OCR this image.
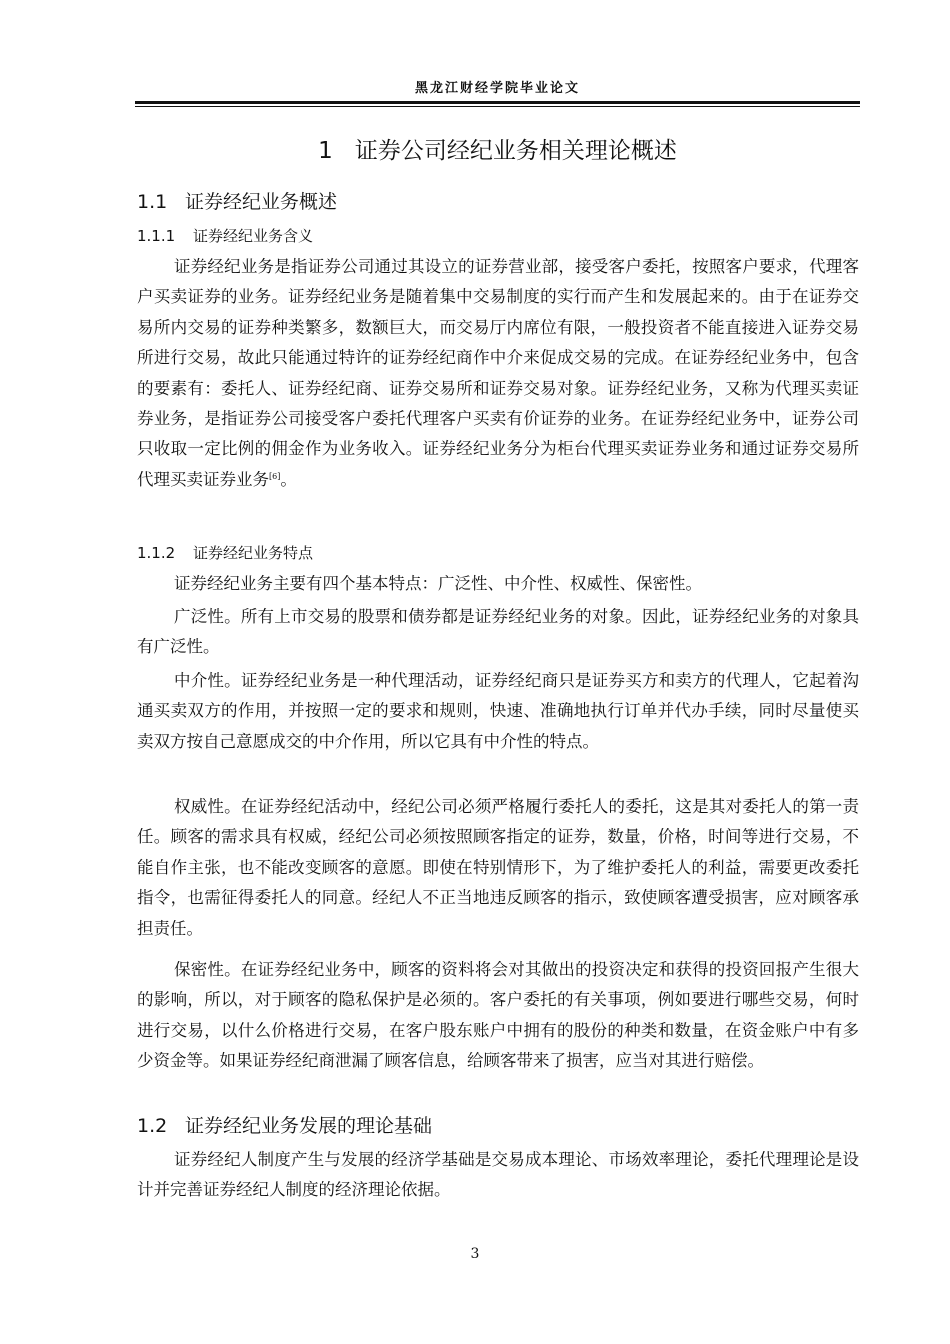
黑龙江财经学院毕业论文
1 证券公司经纪业务相关理论概述
1.1 证券经纪业务概述
1.1.1 证券经纪业务含义

证券经纪业务是指证券公司通过其设立的证券营业部，接受客户委托，按照客户要求，代理客户买卖证券的业务。证券经纪业务是随着集中交易制度的实行而产生和发展起来的。由于在证券交易所内交易的证券种类繁多，数额巨大，而交易厅内席位有限，一般投资者不能直接进入证券交易所进行交易，故此只能通过特许的证券经纪商作中介来促成交易的完成。在证券经纪业务中，包含的要素有：委托人、证券经纪商、证券交易所和证券交易对象。证券经纪业务，又称为代理买卖证券业务，是指证券公司接受客户委托代理客户买卖有价证券的业务。在证券经纪业务中，证券公司只收取一定比例的佣金作为业务收入。证券经纪业务分为柜台代理买卖证券业务和通过证券交易所代理买卖证券业务[6]。

1.1.2 证券经纪业务特点

证券经纪业务主要有四个基本特点：广泛性、中介性、权威性、保密性。

广泛性。所有上市交易的股票和债券都是证券经纪业务的对象。因此，证券经纪业务的对象具有广泛性。

中介性。证券经纪业务是一种代理活动，证券经纪商只是证券买方和卖方的代理人，它起着沟通买卖双方的作用，并按照一定的要求和规则，快速、准确地执行订单并代办手续，同时尽量使买卖双方按自己意愿成交的中介作用，所以它具有中介性的特点。

权威性。在证券经纪活动中，经纪公司必须严格履行委托人的委托，这是其对委托人的第一责任。顾客的需求具有权威，经纪公司必须按照顾客指定的证券，数量，价格，时间等进行交易，不能自作主张，也不能改变顾客的意愿。即使在特别情形下，为了维护委托人的利益，需要更改委托指令，也需征得委托人的同意。经纪人不正当地违反顾客的指示，致使顾客遭受损害，应对顾客承担责任。

保密性。在证券经纪业务中，顾客的资料将会对其做出的投资决定和获得的投资回报产生很大的影响，所以，对于顾客的隐私保护是必须的。客户委托的有关事项，例如要进行哪些交易，何时进行交易，以什么价格进行交易，在客户股东账户中拥有的股份的种类和数量，在资金账户中有多少资金等。如果证券经纪商泄漏了顾客信息，给顾客带来了损害，应当对其进行赔偿。

1.2 证券经纪业务发展的理论基础

证券经纪人制度产生与发展的经济学基础是交易成本理论、市场效率理论，委托代理理论是设计并完善证券经纪人制度的经济理论依据。

3
